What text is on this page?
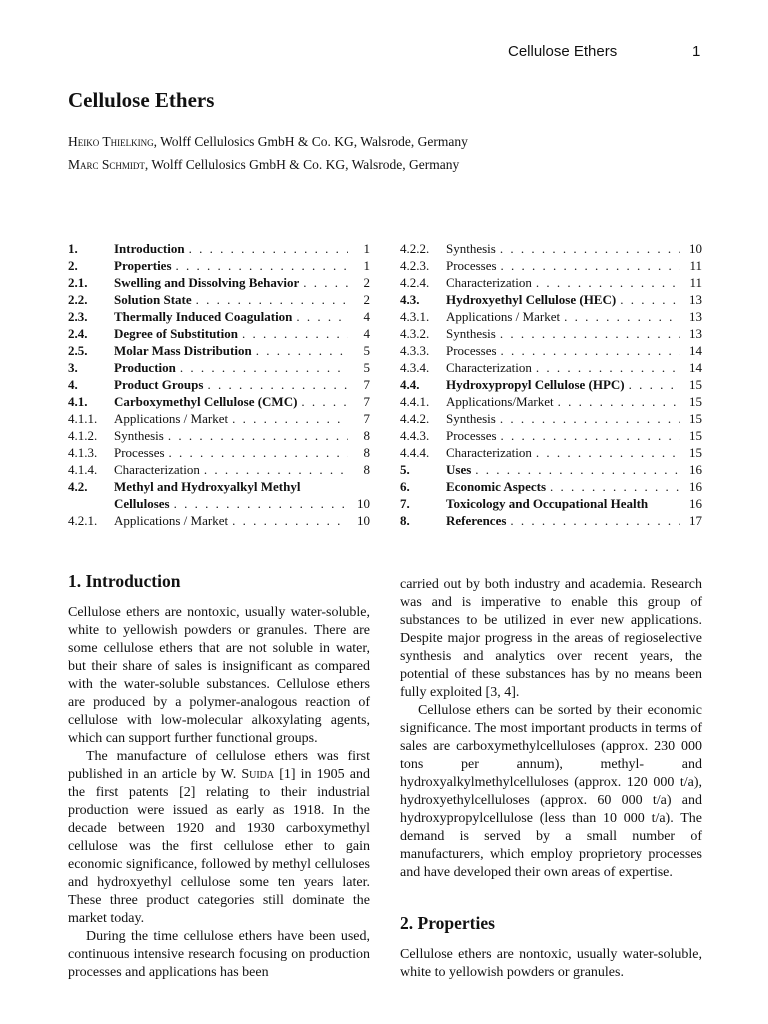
Cellulose Ethers	1
Cellulose Ethers
Heiko Thielking, Wolff Cellulosics GmbH & Co. KG, Walsrode, Germany
Marc Schmidt, Wolff Cellulosics GmbH & Co. KG, Walsrode, Germany
1.	Introduction . . .	1
2.	Properties . . .	1
2.1.	Swelling and Dissolving Behavior . . .	2
2.2.	Solution State . . .	2
2.3.	Thermally Induced Coagulation . . .	4
2.4.	Degree of Substitution . . .	4
2.5.	Molar Mass Distribution . . .	5
3.	Production . . .	5
4.	Product Groups . . .	7
4.1.	Carboxymethyl Cellulose (CMC) . . .	7
4.1.1.	Applications / Market . . .	7
4.1.2.	Synthesis . . .	8
4.1.3.	Processes . . .	8
4.1.4.	Characterization . . .	8
4.2.	Methyl and Hydroxyalkyl Methyl
Celluloses . . .	10
4.2.1.	Applications / Market . . .	10
4.2.2.	Synthesis . . .	10
4.2.3.	Processes . . .	11
4.2.4.	Characterization . . .	11
4.3.	Hydroxyethyl Cellulose (HEC) . . .	13
4.3.1.	Applications / Market . . .	13
4.3.2.	Synthesis . . .	13
4.3.3.	Processes . . .	14
4.3.4.	Characterization . . .	14
4.4.	Hydroxypropyl Cellulose (HPC) . . .	15
4.4.1.	Applications/Market . . .	15
4.4.2.	Synthesis . . .	15
4.4.3.	Processes . . .	15
4.4.4.	Characterization . . .	15
5.	Uses . . .	16
6.	Economic Aspects . . .	16
7.	Toxicology and Occupational Health	16
8.	References . . .	17
1. Introduction

Cellulose ethers are nontoxic, usually water-soluble, white to yellowish powders or granules. There are some cellulose ethers that are not soluble in water, but their share of sales is insignificant as compared with the water-soluble substances. Cellulose ethers are produced by a polymer-analogous reaction of cellulose with low-molecular alkoxylating agents, which can support further functional groups.

The manufacture of cellulose ethers was first published in an article by W. Suida [1] in 1905 and the first patents [2] relating to their industrial production were issued as early as 1918. In the decade between 1920 and 1930 carboxymethyl cellulose was the first cellulose ether to gain economic significance, followed by methyl celluloses and hydroxyethyl cellulose some ten years later. These three product categories still dominate the market today.

During the time cellulose ethers have been used, continuous intensive research focusing on production processes and applications has been

carried out by both industry and academia. Research was and is imperative to enable this group of substances to be utilized in ever new applications. Despite major progress in the areas of regioselective synthesis and analytics over recent years, the potential of these substances has by no means been fully exploited [3, 4].

Cellulose ethers can be sorted by their economic significance. The most important products in terms of sales are carboxymethylcelluloses (approx. 230 000 tons per annum), methyl- and hydroxyalkylmethylcelluloses (approx. 120 000 t/a), hydroxyethylcelluloses (approx. 60 000 t/a) and hydroxypropylcellulose (less than 10 000 t/a). The demand is served by a small number of manufacturers, which employ proprietory processes and have developed their own areas of expertise.

2. Properties

Cellulose ethers are nontoxic, usually water-soluble, white to yellowish powders or granules.
